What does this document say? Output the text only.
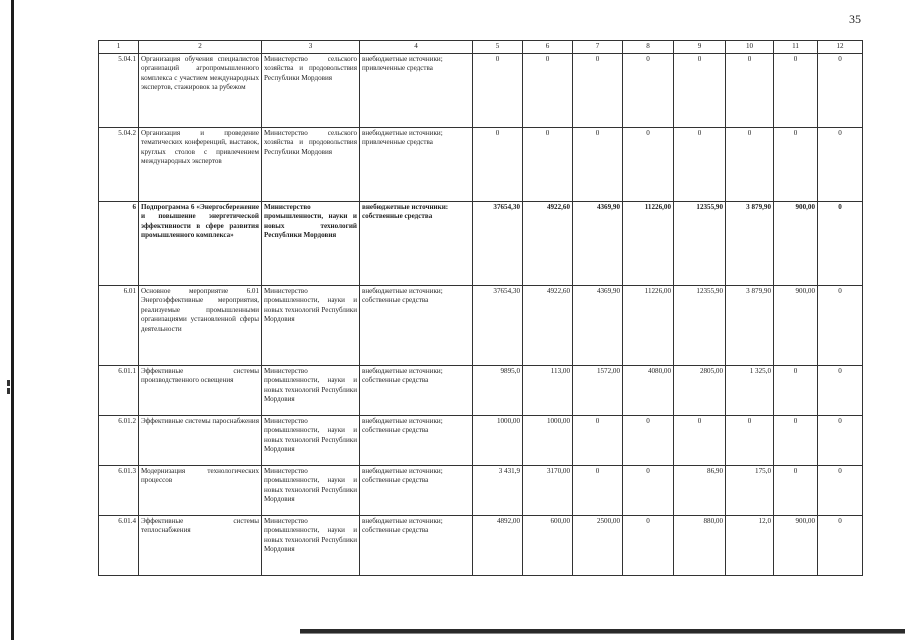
35
1	2	3	4	5	6	7	8	9	10	11	12
5.04.1	Организация обучения специалистов организаций агропромышленного комплекса с участием международных экспертов, стажировок за рубежом	Министерство сельского хозяйства и продовольствия Республики Мордовия	внебюджетные источники; привлеченные средства	0	0	0	0	0	0	0	0
5.04.2	Организация и проведение тематических конференций, выставок, круглых столов с привлечением международных экспертов	Министерство сельского хозяйства и продовольствия Республики Мордовия	внебюджетные источники; привлеченные средства	0	0	0	0	0	0	0	0
6	Подпрограмма 6 «Энергосбережение и повышение энергетической эффективности в сфере развития промышленного комплекса»	Министерство промышленности, науки и новых технологий Республики Мордовия	внебюджетные источники: собственные средства	37654,30	4922,60	4369,90	11226,00	12355,90	3 879,90	900,00	0
6.01	Основное мероприятие 6.01 Энергоэффективные мероприятия, реализуемые промышленными организациями установленной сферы деятельности	Министерство промышленности, науки и новых технологий Республики Мордовия	внебюджетные источники; собственные средства	37654,30	4922,60	4369,90	11226,00	12355,90	3 879,90	900,00	0
6.01.1	Эффективные системы производственного освещения	Министерство промышленности, науки и новых технологий Республики Мордовия	внебюджетные источники; собственные средства	9895,0	113,00	1572,00	4080,00	2805,00	1 325,0	0	0
6.01.2	Эффективные системы пароснабжения	Министерство промышленности, науки и новых технологий Республики Мордовия	внебюджетные источники; собственные средства	1000,00	1000,00	0	0	0	0	0	0
6.01.3	Модернизация технологических процессов	Министерство промышленности, науки и новых технологий Республики Мордовия	внебюджетные источники; собственные средства	3 431,9	3170,00	0	0	86,90	175,0	0	0
6.01.4	Эффективные системы теплоснабжения	Министерство промышленности, науки и новых технологий Республики Мордовия	внебюджетные источники; собственные средства	4892,00	600,00	2500,00	0	880,00	12,0	900,00	0
